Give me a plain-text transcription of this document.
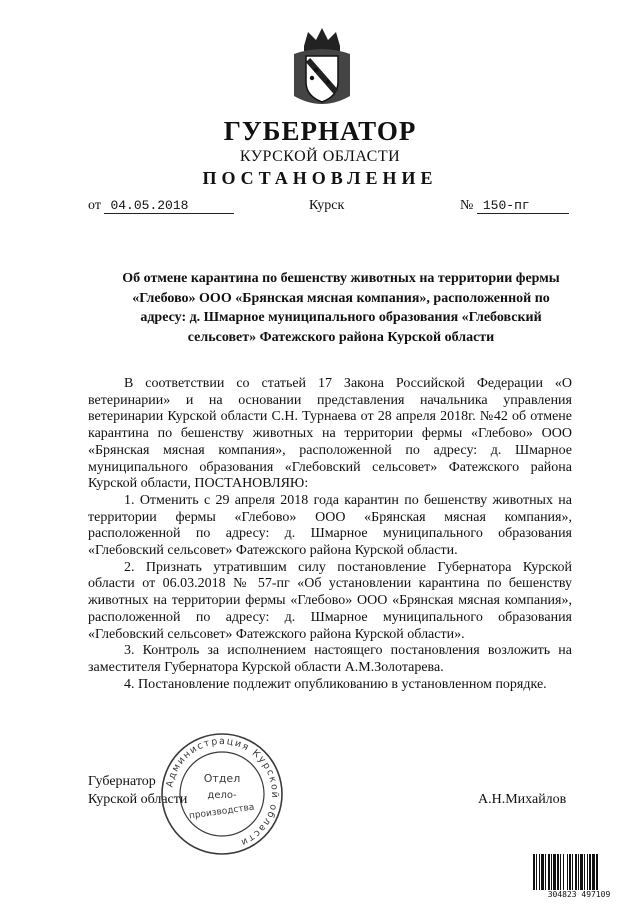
ГУБЕРНАТОР
КУРСКОЙ ОБЛАСТИ
ПОСТАНОВЛЕНИЕ
от 04.05.2018	Курск	№ 150-пг
Об отмене карантина по бешенству животных на территории фермы «Глебово» ООО «Брянская мясная компания», расположенной по адресу: д. Шмарное муниципального образования «Глебовский сельсовет» Фатежского района Курской области

В соответствии со статьей 17 Закона Российской Федерации «О ветеринарии» и на основании представления начальника управления ветеринарии Курской области С.Н. Турнаева от 28 апреля 2018г. №42 об отмене карантина по бешенству животных на территории фермы «Глебово» ООО «Брянская мясная компания», расположенной по адресу: д. Шмарное муниципального образования «Глебовский сельсовет» Фатежского района Курской области, ПОСТАНОВЛЯЮ:

1. Отменить с 29 апреля 2018 года карантин по бешенству животных на территории фермы «Глебово» ООО «Брянская мясная компания», расположенной по адресу: д. Шмарное муниципального образования «Глебовский сельсовет» Фатежского района Курской области.

2. Признать утратившим силу постановление Губернатора Курской области от 06.03.2018 № 57-пг «Об установлении карантина по бешенству животных на территории фермы «Глебово» ООО «Брянская мясная компания», расположенной по адресу: д. Шмарное муниципального образования «Глебовский сельсовет» Фатежского района Курской области».

3. Контроль за исполнением настоящего постановления возложить на заместителя Губернатора Курской области А.М.Золотарева.

4. Постановление подлежит опубликованию в установленном порядке.

Губернатор
Курской области	А.Н.Михайлов
Администрация Курской области
Отдел
дело-
производства
304823 497109
